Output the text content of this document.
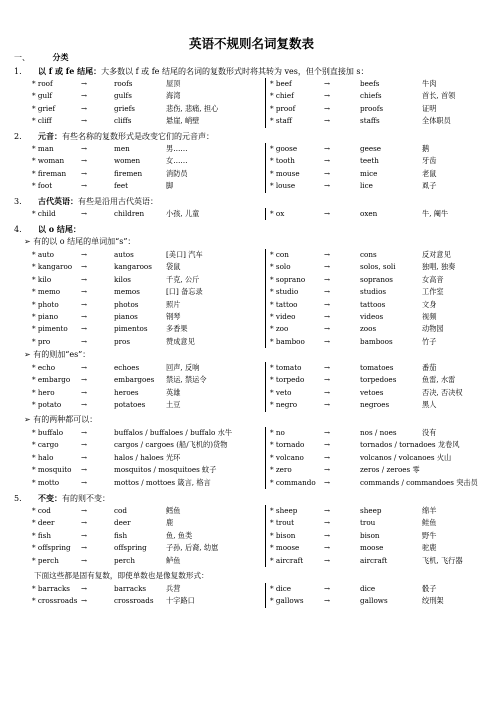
英语不规则名词复数表
一、	分类
1. 以 f 或 fe 结尾：大多数以 f 或 fe 结尾的名词的复数形式时将其转为 ves，但个别直接加 s：
* roof	→	roofs	屋顶	* beef	→	beefs	牛肉
* gulf	→	gulfs	海湾	* chief	→	chiefs	首长, 首领
* grief	→	griefs	悲伤, 悲痛, 担心	* proof	→	proofs	证明
* cliff	→	cliffs	悬崖, 峭壁	* staff	→	staffs	全体职员
2. 元音：有些名称的复数形式是改变它们的元音声：
* man	→	men	男……	* goose	→	geese	鹅
* woman →	women	女……	* tooth	→	teeth	牙齿
* fireman →	firemen	消防员	* mouse	→	mice	老鼠
* foot	→	feet	脚	* louse	→	lice	虱子
3. 古代英语：有些是沿用古代英语：
* child	→	children	小孩, 儿童	* ox	→	oxen	牛, 阉牛
4. 以 o 结尾：
➢ 有的以 o 结尾的单词加“s”：
* auto	→	autos	[美口] 汽车	* con	→	cons	反对意见
* kangaroo →	kangaroos 袋鼠	* solo	→	solos, soli	独唱, 独奏
* kilo	→	kilos	千克, 公斤	* soprano	→	sopranos	女高音
* memo	→	memos	[口] 备忘录	* studio	→	studios	工作室
* photo	→	photos	照片	* tattoo	→	tattoos	文身
* piano	→	pianos	钢琴	* video	→	videos	视频
* pimento →	pimentos	多香果	* zoo	→	zoos	动物园
* pro	→	pros	赞成意见	* bamboo	→	bamboos	竹子
➢ 有的则加“es”：
* echo	→	echoes	回声, 反响	* tomato	→	tomatoes	番茄
* embargo →	embargoes 禁运, 禁运令	* torpedo	→	torpedoes	鱼雷, 水雷
* hero	→	heroes	英雄	* veto	→	vetoes	否决, 否决权
* potato	→	potatoes	土豆	* negro	→	negroes	黑人
➢ 有的两种都可以：
* buffalo →	buffalos / buffaloes / buffalo 水牛	* no	→	nos / noes	没有
* cargo	→	cargos / cargoes (船/飞机的)货物	* tornado	→	tornados / tornadoes 龙卷风
* halo	→	halos / haloes 光环	* volcano	→	volcanos / volcanoes 火山
* mosquito →	mosquitos / mosquitoes 蚊子	* zero	→	zeros / zeroes 零
* motto	→	mottos / mottoes 箴言, 格言	* commando →	commands / commandoes 突击员
5. 不变：有的则不变：
* cod	→	cod	鳕鱼	* sheep	→	sheep	绵羊
* deer	→	deer	鹿	* trout	→	trou	鲑鱼
* fish	→	fish	鱼, 鱼类	* bison	→	bison	野牛
* offspring →	offspring	子孙, 后裔, 幼崽	* moose	→	moose	驼鹿
* perch	→	perch	鲈鱼	* aircraft	→	aircraft	飞机, 飞行器
下面这些都是固有复数，即使单数也是像复数形式：
* barracks →	barracks	兵营	* dice	→	dice	骰子
* crossroads →	crossroads 十字路口	* gallows	→	gallows	绞刑架
